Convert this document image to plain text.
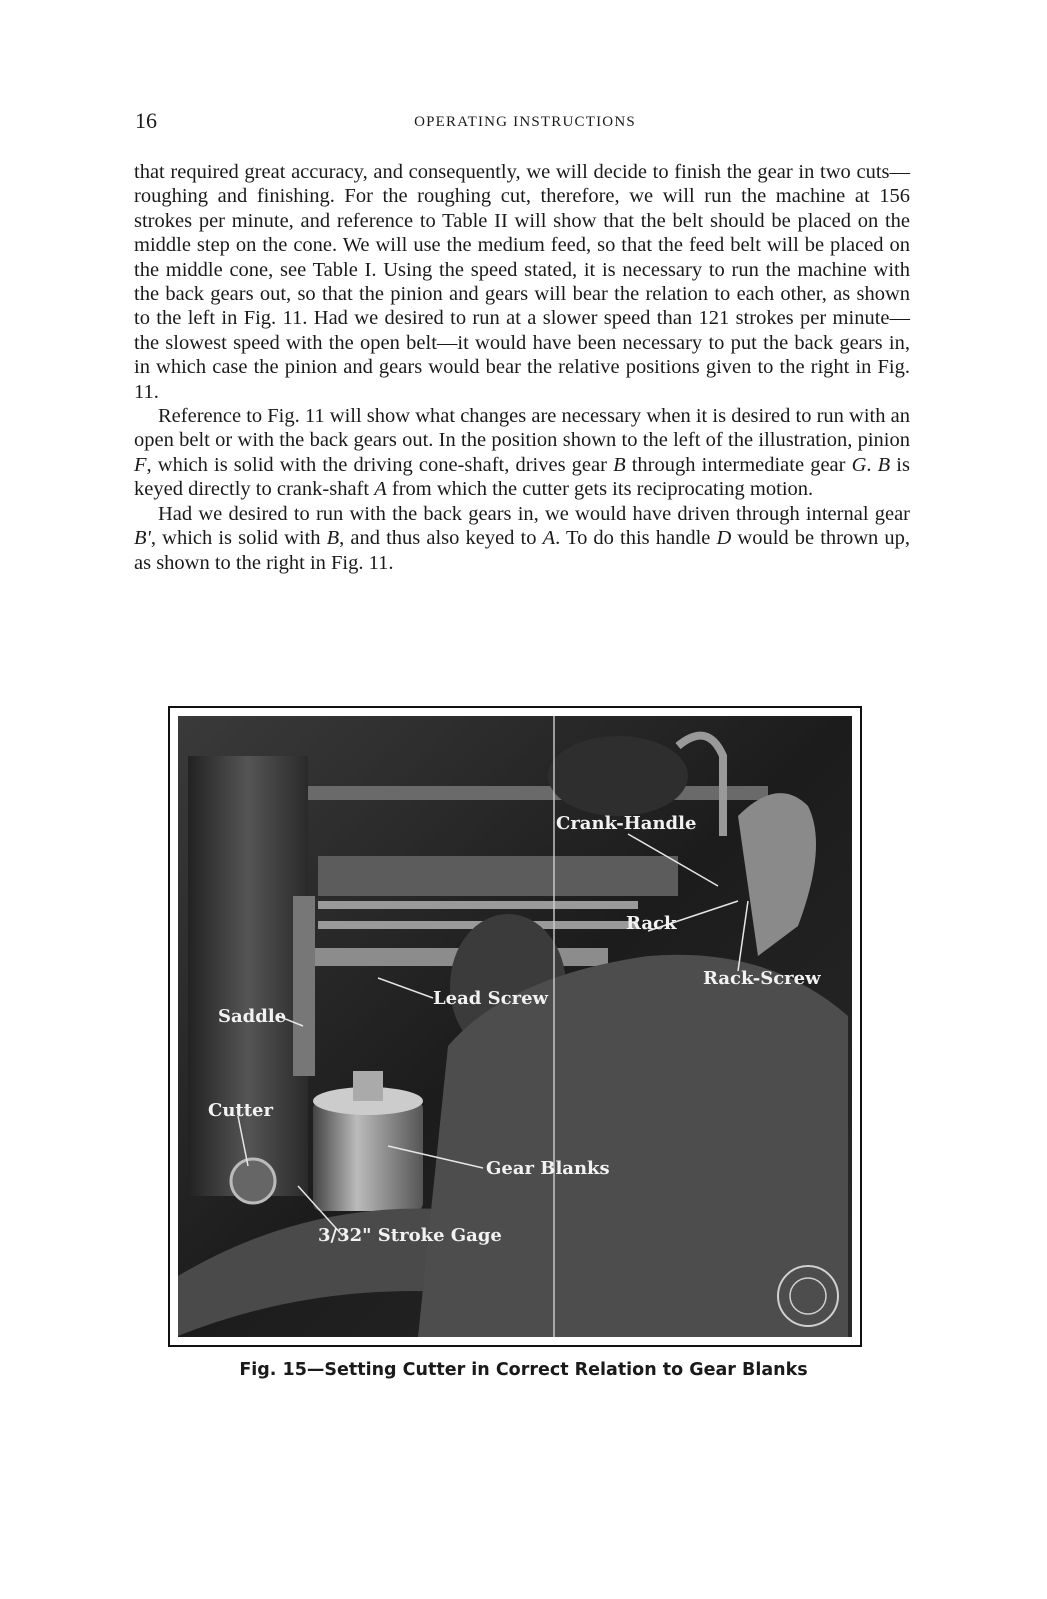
16	OPERATING INSTRUCTIONS

that required great accuracy, and consequently, we will decide to finish the gear in two cuts—roughing and finishing. For the roughing cut, therefore, we will run the machine at 156 strokes per minute, and reference to Table II will show that the belt should be placed on the middle step on the cone. We will use the medium feed, so that the feed belt will be placed on the middle cone, see Table I. Using the speed stated, it is necessary to run the machine with the back gears out, so that the pinion and gears will bear the relation to each other, as shown to the left in Fig. 11. Had we desired to run at a slower speed than 121 strokes per minute—the slowest speed with the open belt—it would have been necessary to put the back gears in, in which case the pinion and gears would bear the relative positions given to the right in Fig. 11.

Reference to Fig. 11 will show what changes are necessary when it is desired to run with an open belt or with the back gears out. In the position shown to the left of the illustration, pinion F, which is solid with the driving cone-shaft, drives gear B through intermediate gear G. B is keyed directly to crank-shaft A from which the cutter gets its reciprocating motion.

Had we desired to run with the back gears in, we would have driven through internal gear B', which is solid with B, and thus also keyed to A. To do this handle D would be thrown up, as shown to the right in Fig. 11.

Crank-Handle
Rack
Rack-Screw
Lead Screw
Saddle
Cutter
Gear Blanks
3/32" Stroke Gage
Fig. 15—Setting Cutter in Correct Relation to Gear Blanks
